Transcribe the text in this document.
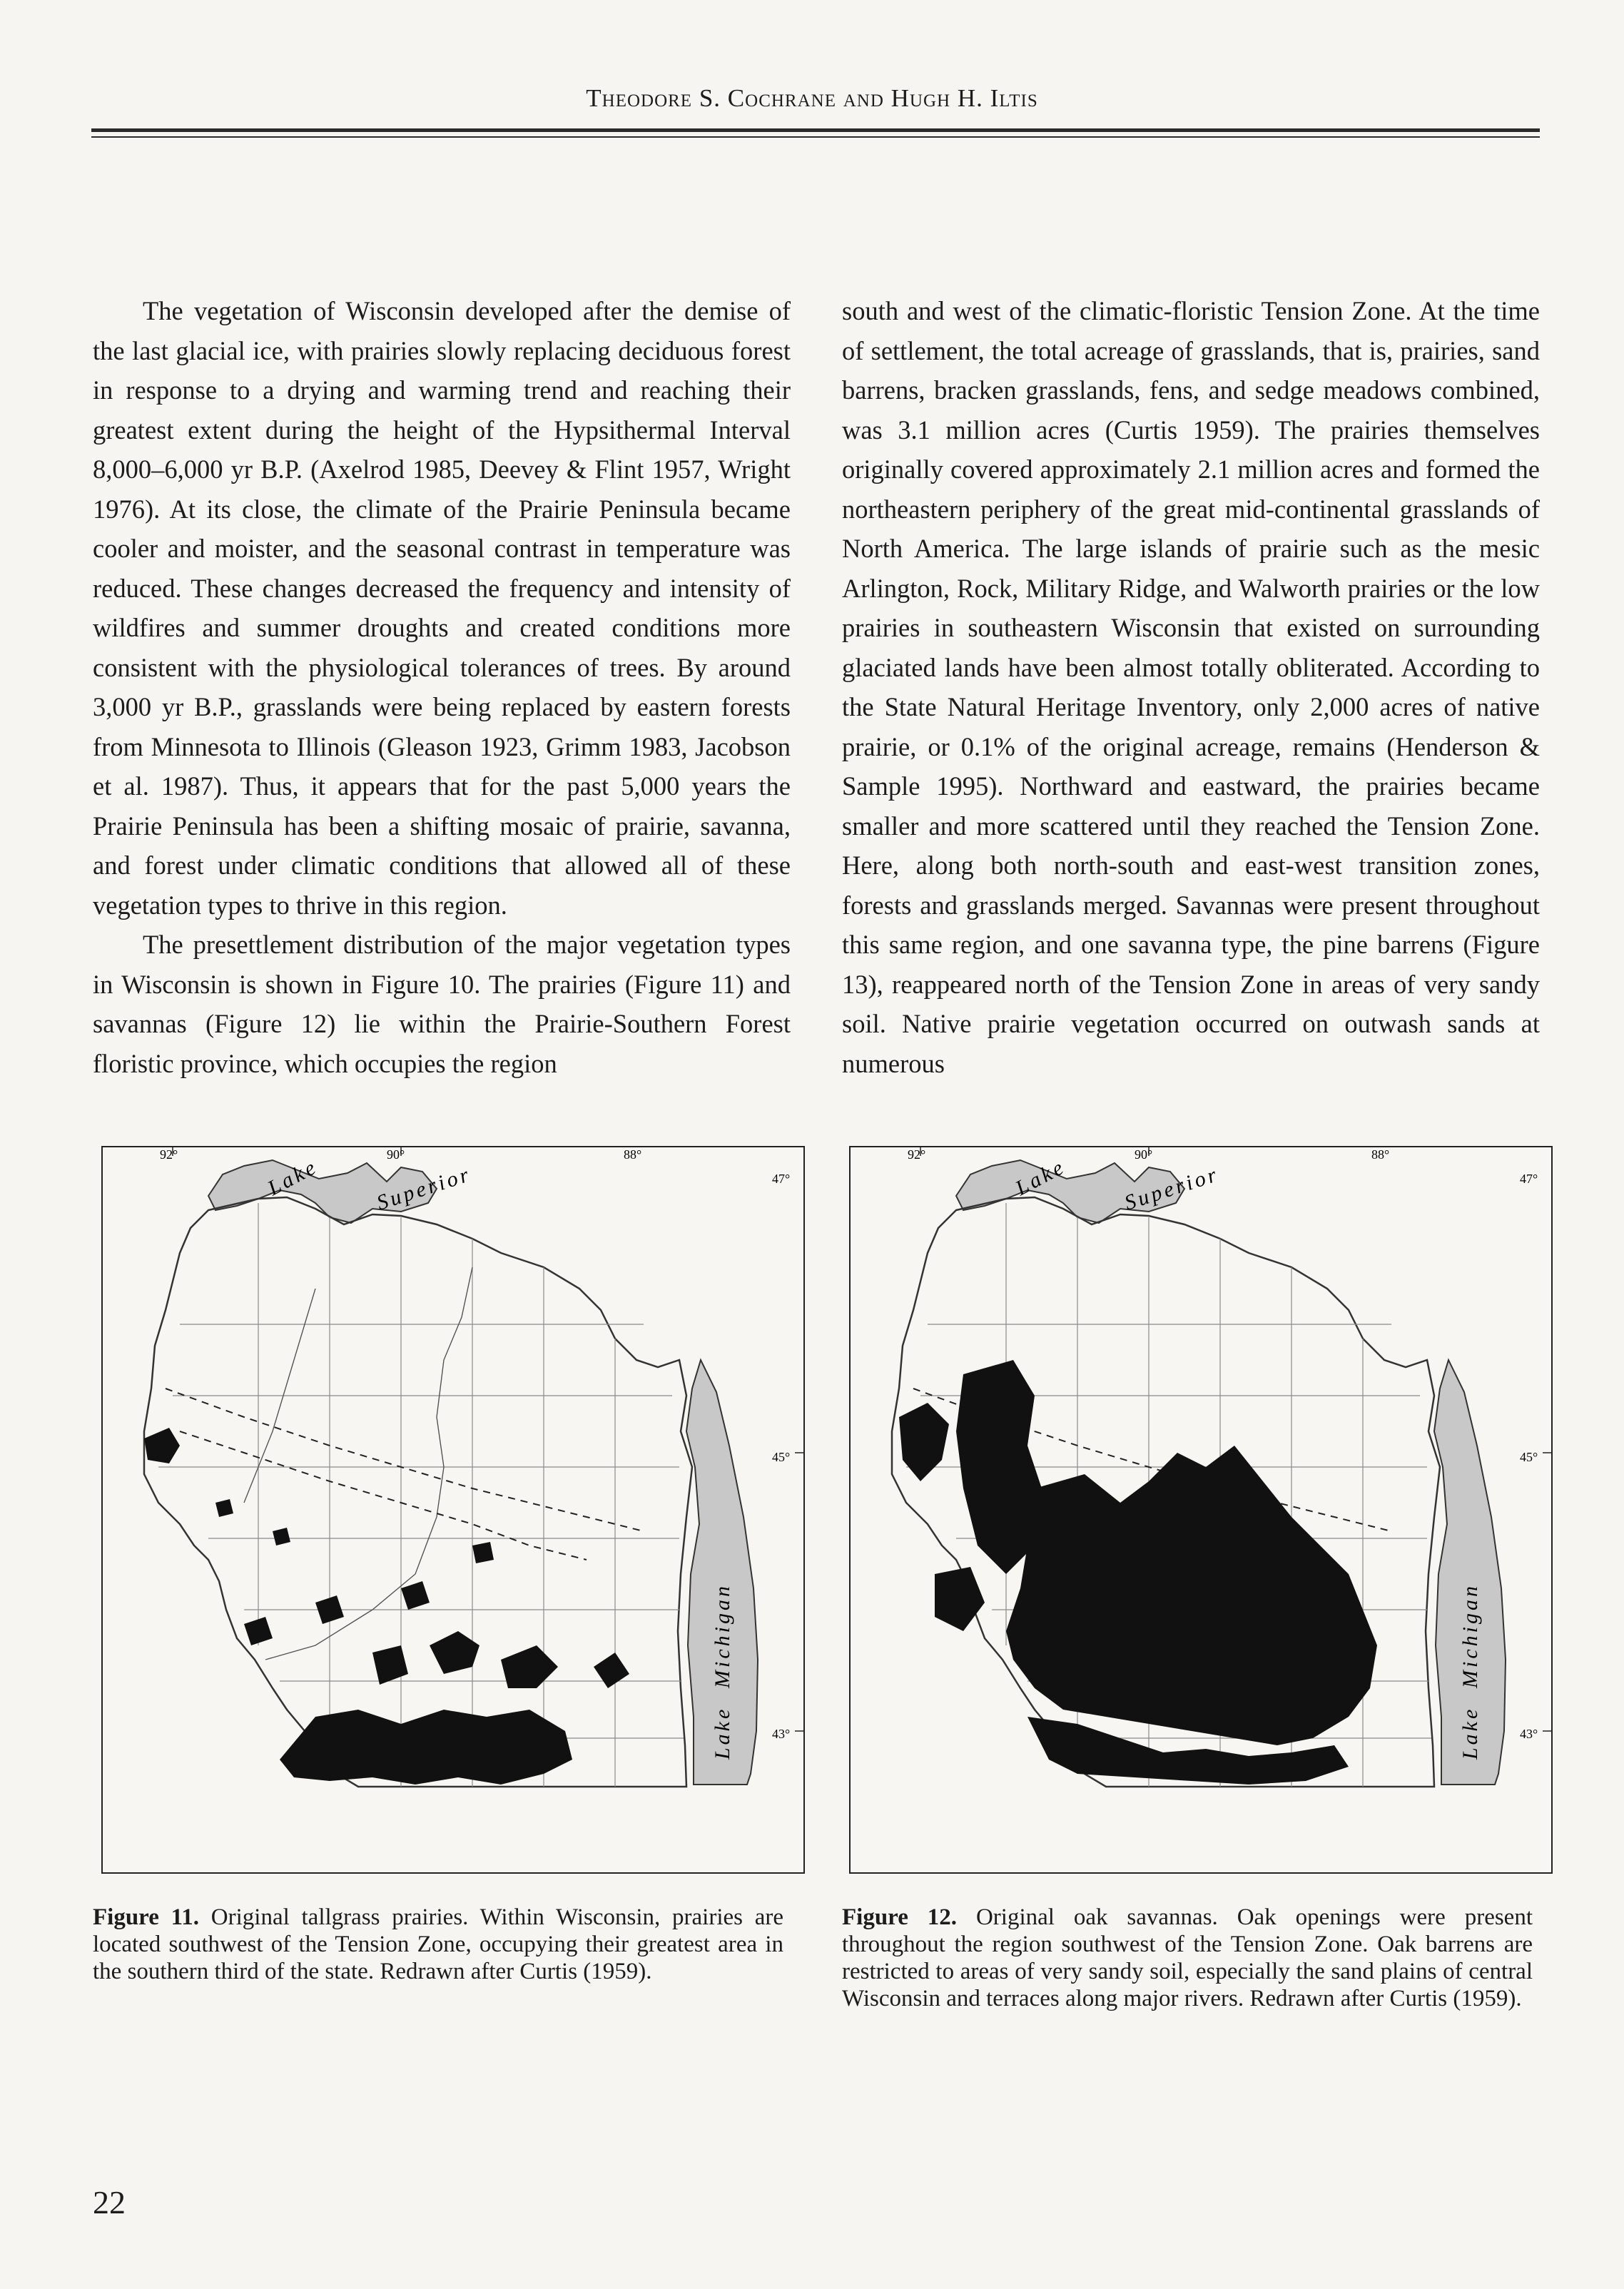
Theodore S. Cochrane and Hugh H. Iltis

The vegetation of Wisconsin developed after the demise of the last glacial ice, with prairies slowly replacing deciduous forest in response to a drying and warming trend and reaching their greatest extent during the height of the Hypsithermal Interval 8,000–6,000 yr B.P. (Axelrod 1985, Deevey & Flint 1957, Wright 1976). At its close, the climate of the Prairie Peninsula became cooler and moister, and the seasonal contrast in temperature was reduced. These changes decreased the frequency and intensity of wildfires and summer droughts and created conditions more consistent with the physiological tolerances of trees. By around 3,000 yr B.P., grasslands were being replaced by eastern forests from Minnesota to Illinois (Gleason 1923, Grimm 1983, Jacobson et al. 1987). Thus, it appears that for the past 5,000 years the Prairie Peninsula has been a shifting mosaic of prairie, savanna, and forest under climatic conditions that allowed all of these vegetation types to thrive in this region.

The presettlement distribution of the major vegetation types in Wisconsin is shown in Figure 10. The prairies (Figure 11) and savannas (Figure 12) lie within the Prairie-Southern Forest floristic province, which occupies the region

south and west of the climatic-floristic Tension Zone. At the time of settlement, the total acreage of grasslands, that is, prairies, sand barrens, bracken grasslands, fens, and sedge meadows combined, was 3.1 million acres (Curtis 1959). The prairies themselves originally covered approximately 2.1 million acres and formed the northeastern periphery of the great mid-continental grasslands of North America. The large islands of prairie such as the mesic Arlington, Rock, Military Ridge, and Walworth prairies or the low prairies in southeastern Wisconsin that existed on surrounding glaciated lands have been almost totally obliterated. According to the State Natural Heritage Inventory, only 2,000 acres of native prairie, or 0.1% of the original acreage, remains (Henderson & Sample 1995). Northward and eastward, the prairies became smaller and more scattered until they reached the Tension Zone. Here, along both north-south and east-west transition zones, forests and grasslands merged. Savannas were present throughout this same region, and one savanna type, the pine barrens (Figure 13), reappeared north of the Tension Zone in areas of very sandy soil. Native prairie vegetation occurred on outwash sands at numerous

92°	90°	88°
47°
45°
43°
Lake Superior
Lake
Michigan
92°	90°	88°
47°
45°
43°
Lake Superior
Lake
Michigan
Figure 11. Original tallgrass prairies. Within Wisconsin, prairies are located southwest of the Tension Zone, occupying their greatest area in the southern third of the state. Redrawn after Curtis (1959).
Figure 12. Original oak savannas. Oak openings were present throughout the region southwest of the Tension Zone. Oak barrens are restricted to areas of very sandy soil, especially the sand plains of central Wisconsin and terraces along major rivers. Redrawn after Curtis (1959).
22
